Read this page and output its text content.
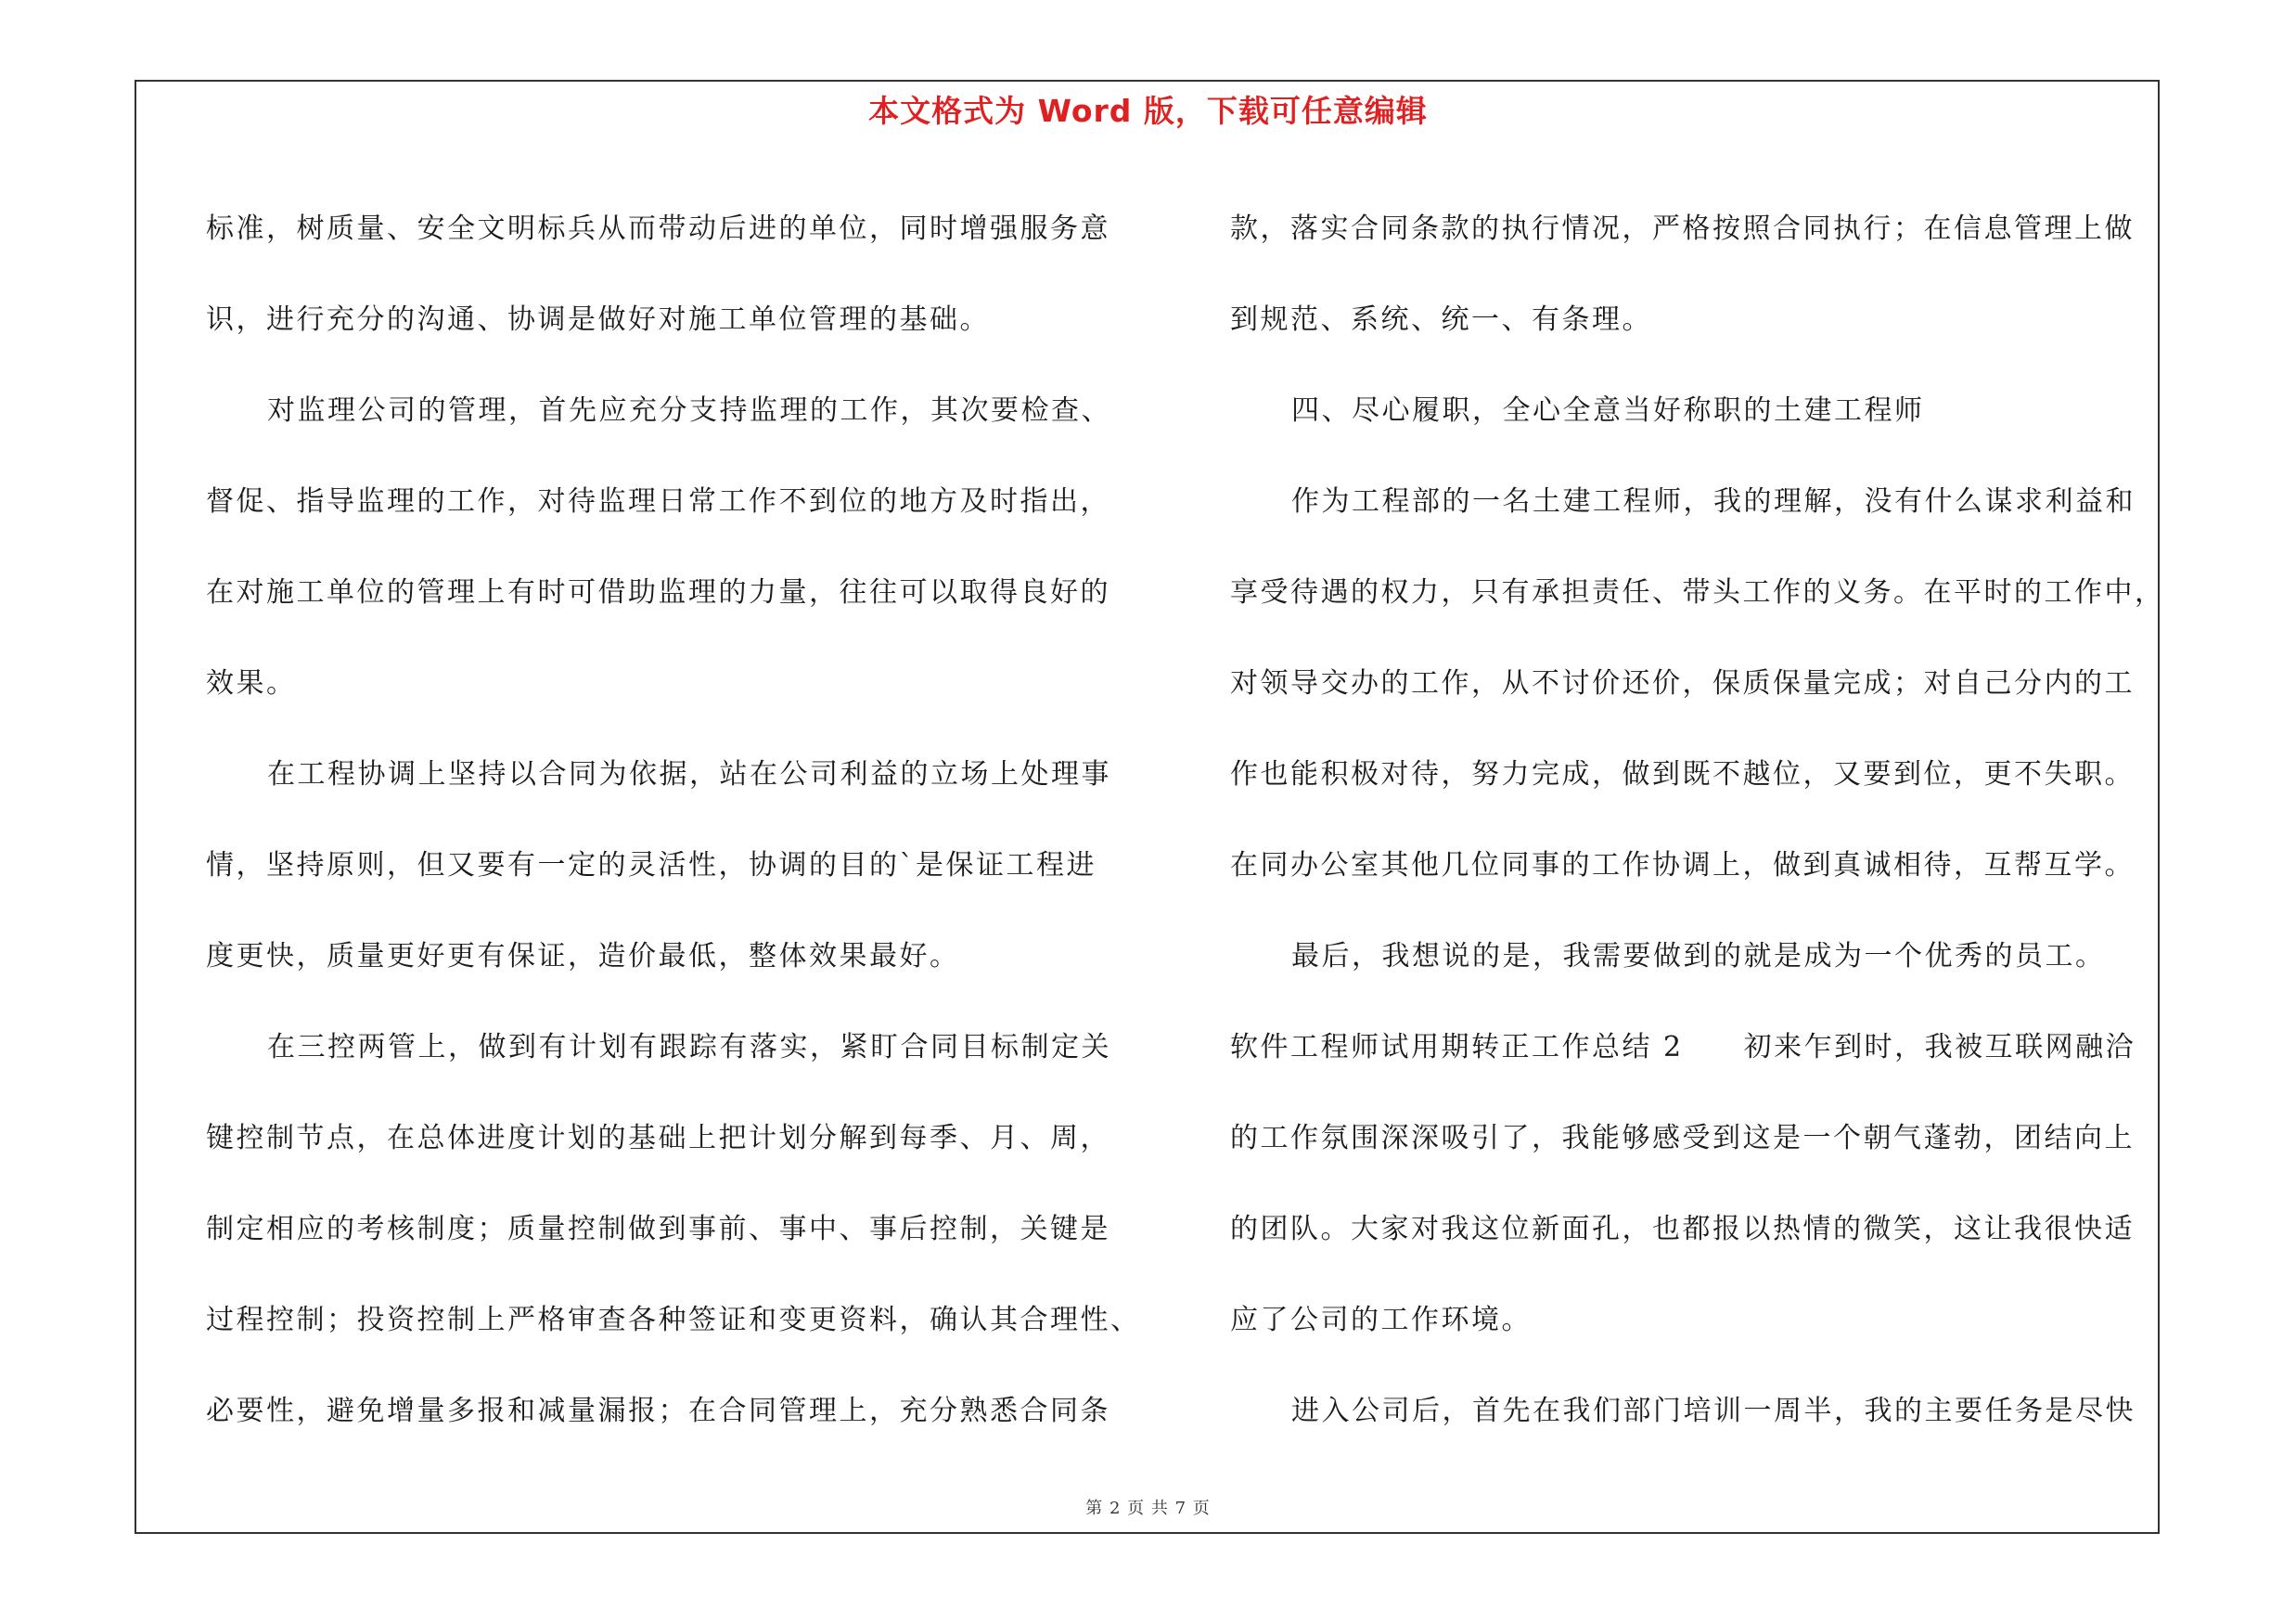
本文格式为 Word 版，下载可任意编辑
标准，树质量、安全文明标兵从而带动后进的单位，同时增强服务意
识，进行充分的沟通、协调是做好对施工单位管理的基础。
对监理公司的管理，首先应充分支持监理的工作，其次要检查、
督促、指导监理的工作，对待监理日常工作不到位的地方及时指出，
在对施工单位的管理上有时可借助监理的力量，往往可以取得良好的
效果。
在工程协调上坚持以合同为依据，站在公司利益的立场上处理事
情，坚持原则，但又要有一定的灵活性，协调的目的`是保证工程进
度更快，质量更好更有保证，造价最低，整体效果最好。
在三控两管上，做到有计划有跟踪有落实，紧盯合同目标制定关
键控制节点，在总体进度计划的基础上把计划分解到每季、月、周，
制定相应的考核制度；质量控制做到事前、事中、事后控制，关键是
过程控制；投资控制上严格审查各种签证和变更资料，确认其合理性、
必要性，避免增量多报和减量漏报；在合同管理上，充分熟悉合同条
款，落实合同条款的执行情况，严格按照合同执行；在信息管理上做
到规范、系统、统一、有条理。
四、尽心履职，全心全意当好称职的土建工程师
作为工程部的一名土建工程师，我的理解，没有什么谋求利益和
享受待遇的权力，只有承担责任、带头工作的义务。在平时的工作中，
对领导交办的工作，从不讨价还价，保质保量完成；对自己分内的工
作也能积极对待，努力完成，做到既不越位，又要到位，更不失职。
在同办公室其他几位同事的工作协调上，做到真诚相待，互帮互学。
最后，我想说的是，我需要做到的就是成为一个优秀的员工。
软件工程师试用期转正工作总结 2　　初来乍到时，我被互联网融洽
的工作氛围深深吸引了，我能够感受到这是一个朝气蓬勃，团结向上
的团队。大家对我这位新面孔，也都报以热情的微笑，这让我很快适
应了公司的工作环境。
进入公司后，首先在我们部门培训一周半，我的主要任务是尽快
第 2 页 共 7 页
